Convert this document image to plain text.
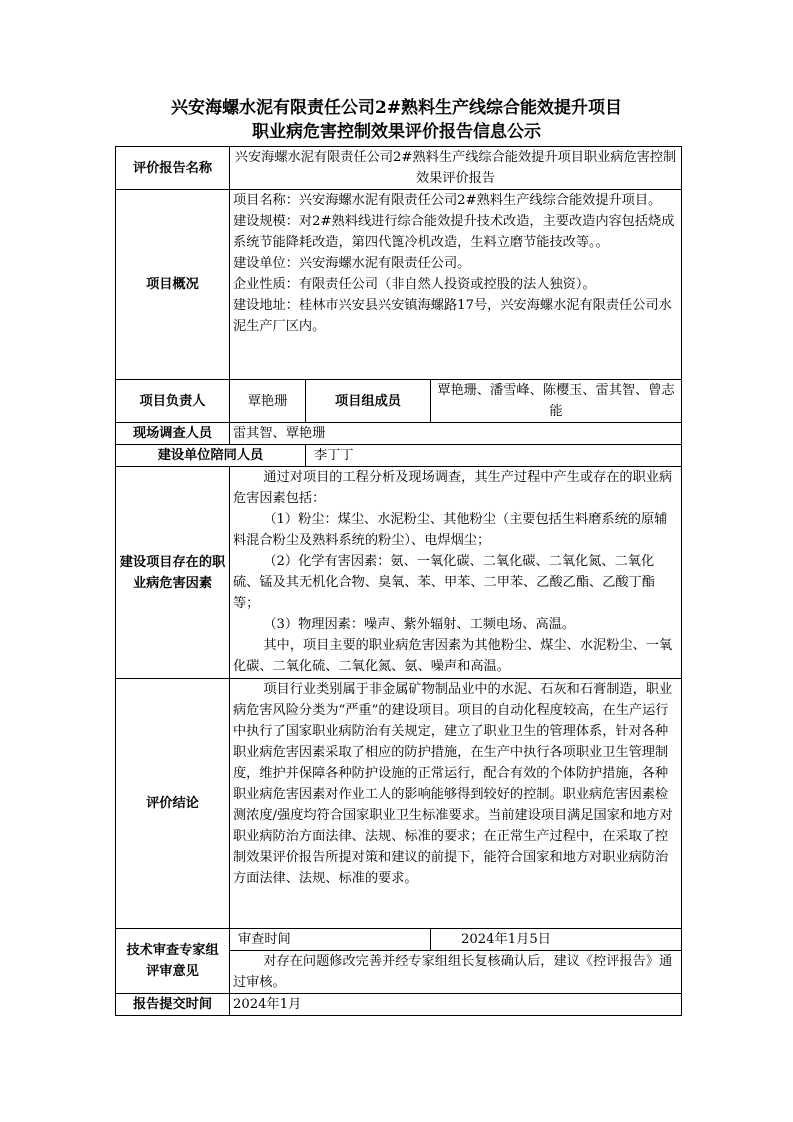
兴安海螺水泥有限责任公司2#熟料生产线综合能效提升项目
职业病危害控制效果评价报告信息公示
评价报告名称	兴安海螺水泥有限责任公司2#熟料生产线综合能效提升项目职业病危害控制效果评价报告		
项目概况	项目名称：兴安海螺水泥有限责任公司2#熟料生产线综合能效提升项目。

建设规模：对2#熟料线进行综合能效提升技术改造，主要改造内容包括烧成系统节能降耗改造，第四代篦冷机改造，生料立磨节能技改等。。

建设单位：兴安海螺水泥有限责任公司。

企业性质：有限责任公司（非自然人投资或控股的法人独资）。

建设地址：桂林市兴安县兴安镇海螺路17号，兴安海螺水泥有限责任公司水泥生产厂区内。		

项目负责人	覃艳珊	项目组成员	覃艳珊、潘雪峰、陈樱玉、雷其智、曾志能
现场调查人员	雷其智、覃艳珊		
建设单位陪同人员		李丁丁	
建设项目存在的职业病危害因素	通过对项目的工程分析及现场调查，其生产过程中产生或存在的职业病危害因素包括：

（1）粉尘：煤尘、水泥粉尘、其他粉尘（主要包括生料磨系统的原辅料混合粉尘及熟料系统的粉尘）、电焊烟尘；

（2）化学有害因素：氨、一氧化碳、二氧化碳、二氧化氮、二氧化硫、锰及其无机化合物、臭氧、苯、甲苯、二甲苯、乙酸乙酯、乙酸丁酯等；

（3）物理因素：噪声、紫外辐射、工频电场、高温。

其中，项目主要的职业病危害因素为其他粉尘、煤尘、水泥粉尘、一氧化碳、二氧化硫、二氧化氮、氨、噪声和高温。		

评价结论	项目行业类别属于非金属矿物制品业中的水泥、石灰和石膏制造，职业病危害风险分类为“严重”的建设项目。项目的自动化程度较高，在生产运行中执行了国家职业病防治有关规定，建立了职业卫生的管理体系，针对各种职业病危害因素采取了相应的防护措施，在生产中执行各项职业卫生管理制度，维护并保障各种防护设施的正常运行，配合有效的个体防护措施，各种职业病危害因素对作业工人的影响能够得到较好的控制。职业病危害因素检测浓度/强度均符合国家职业卫生标准要求。当前建设项目满足国家和地方对职业病防治方面法律、法规、标准的要求；在正常生产过程中，在采取了控制效果评价报告所提对策和建议的前提下，能符合国家和地方对职业病防治方面法律、法规、标准的要求。		

技术审查专家组
评审意见	审查时间		2024年1月5日

	对存在问题修改完善并经专家组组长复核确认后，建议《控评报告》通过审核。		

报告提交时间	2024年1月		
